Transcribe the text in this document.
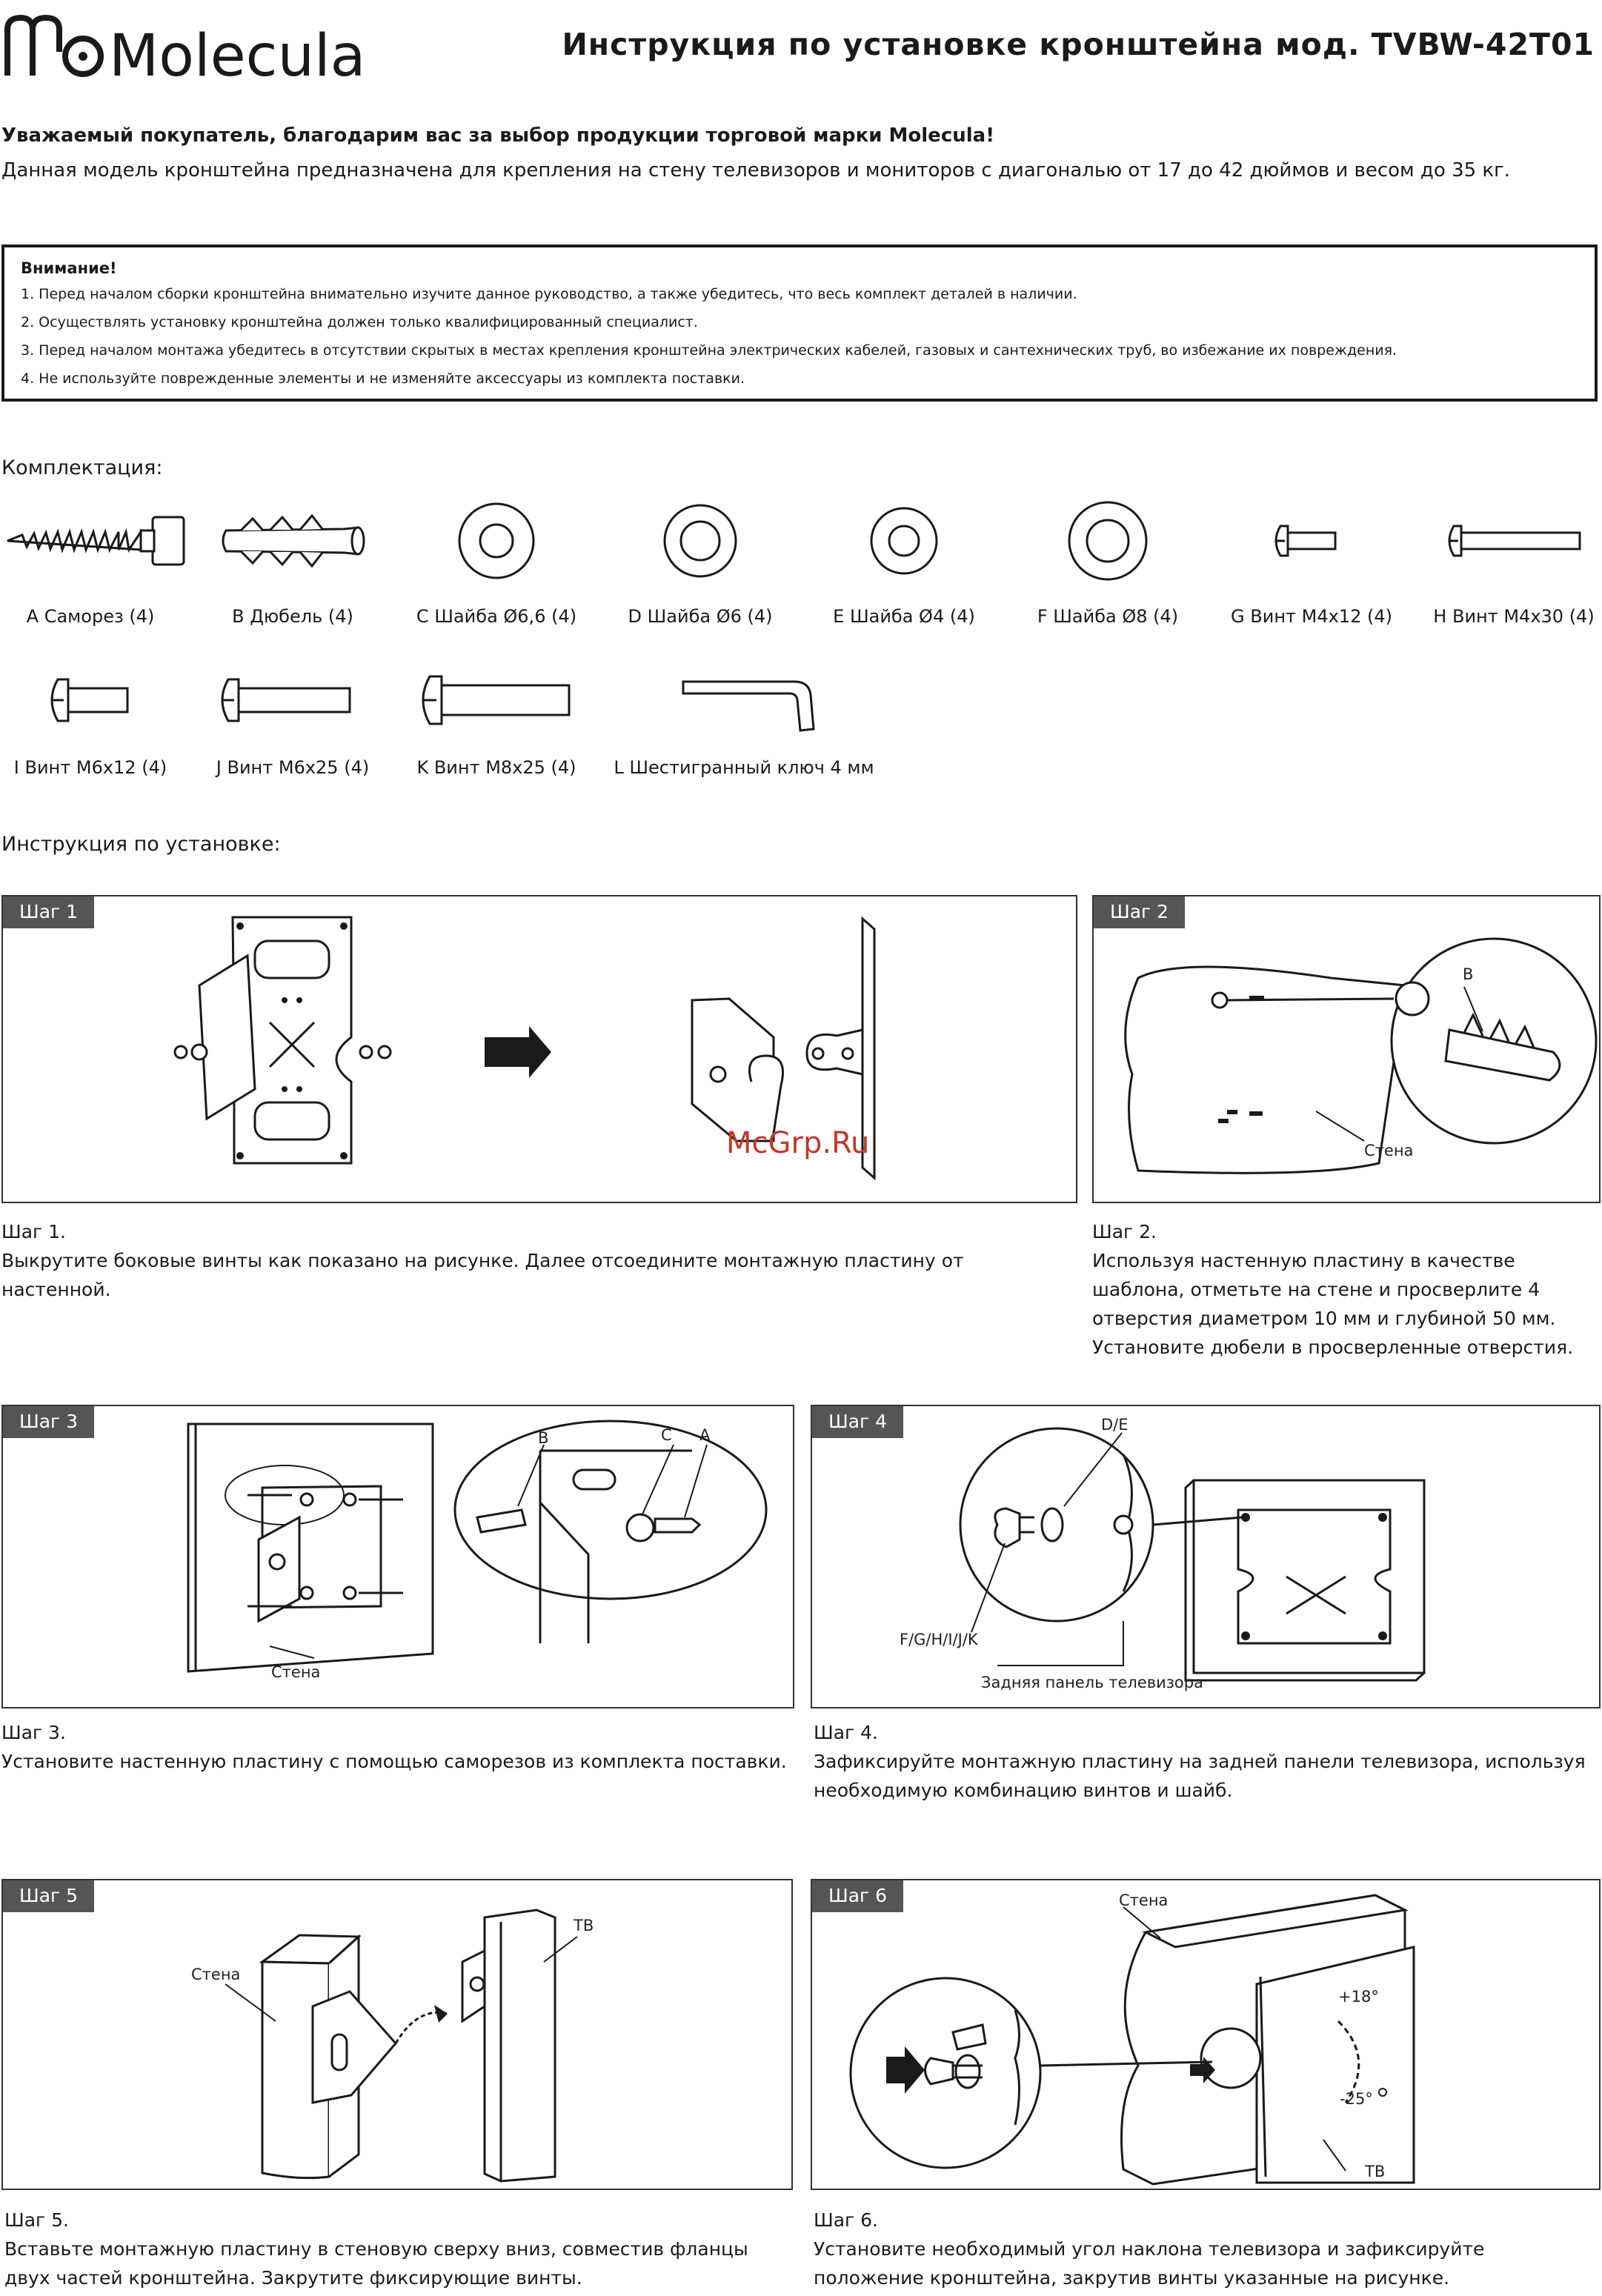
Molecula	Инструкция по установке кронштейна мод. TVBW-42T01
Уважаемый покупатель, благодарим вас за выбор продукции торговой марки Molecula!
Данная модель кронштейна предназначена для крепления на стену телевизоров и мониторов с диагональю от 17 до 42 дюймов и весом до 35 кг.
Внимание!
1. Перед началом сборки кронштейна внимательно изучите данное руководство, а также убедитесь, что весь комплект деталей в наличии.
2. Осуществлять установку кронштейна должен только квалифицированный специалист.
3. Перед началом монтажа убедитесь в отсутствии скрытых в местах крепления кронштейна электрических кабелей, газовых и сантехнических труб, во избежание их повреждения.
4. Не используйте поврежденные элементы и не изменяйте аксессуары из комплекта поставки.
Комплектация:
A Саморез (4)	B Дюбель (4)	C Шайба Ø6,6 (4)	D Шайба Ø6 (4)	E Шайба Ø4 (4)	F Шайба Ø8 (4)	G Винт M4x12 (4) H Винт M4x30 (4)
I Винт M6x12 (4)	J Винт M6x25 (4)	K Винт M8x25 (4) L Шестигранный ключ 4 мм
Инструкция по установке:
Шаг 1
Шаг 1.
Выкрутите боковые винты как показано на рисунке. Далее отсоедините монтажную пластину от настенной.
Шаг 2
B
Стена
Шаг 2.
Используя настенную пластину в качестве шаблона, отметьте на стене и просверлите 4 отверстия диаметром 10 мм и глубиной 50 мм. Установите дюбели в просверленные отверстия.
Шаг 3
B	C A
Стена
Шаг 3.
Установите настенную пластину с помощью саморезов из комплекта поставки.
Шаг 4	D/E
F/G/H/I/J/K
Задняя панель телевизора
Шаг 4.
Зафиксируйте монтажную пластину на задней панели телевизора, используя необходимую комбинацию винтов и шайб.
Шаг 5
Стена
ТВ
Шаг 5.
Вставьте монтажную пластину в стеновую сверху вниз, совместив фланцы двух частей кронштейна. Закрутите фиксирующие винты.
Шаг 6	Стена
+18°
-25°
ТВ
Шаг 6.
Установите необходимый угол наклона телевизора и зафиксируйте положение кронштейна, закрутив винты указанные на рисунке.
McGrp.Ru
